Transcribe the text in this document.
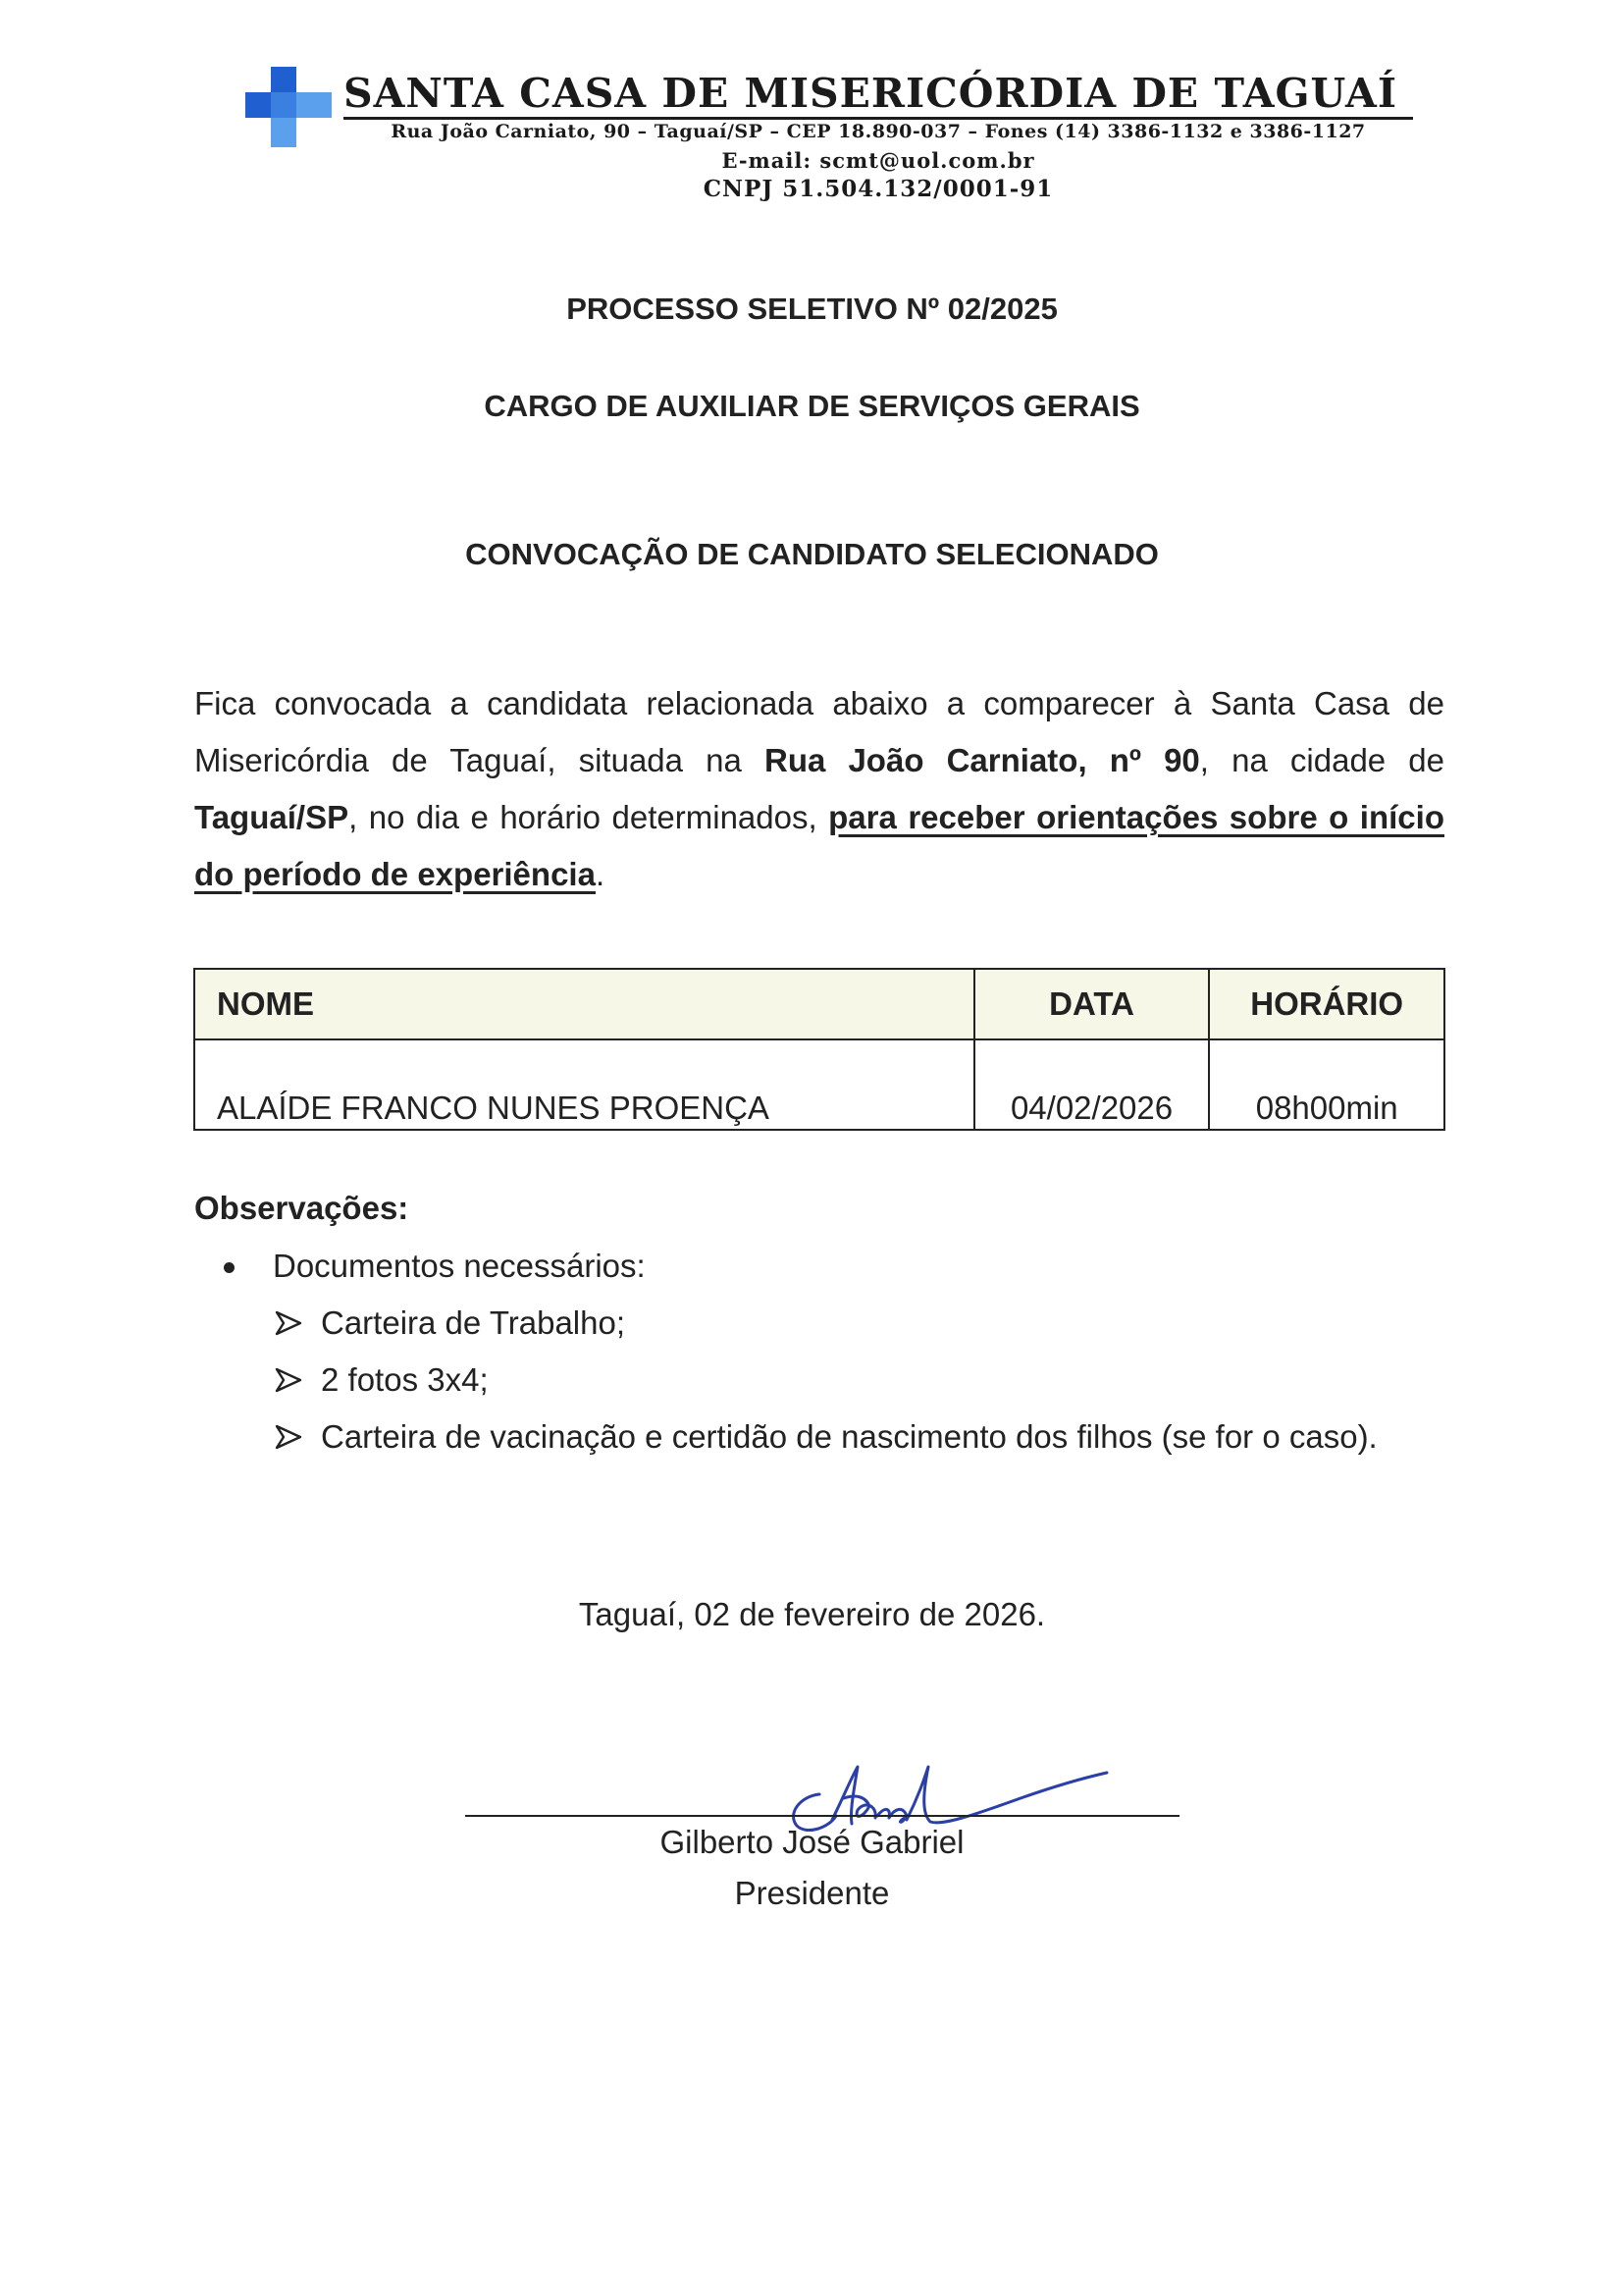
SANTA CASA DE MISERICÓRDIA DE TAGUAÍ
Rua João Carniato, 90 – Taguaí/SP – CEP 18.890-037 – Fones (14) 3386-1132 e 3386-1127
E-mail: scmt@uol.com.br
CNPJ 51.504.132/0001-91
PROCESSO SELETIVO Nº 02/2025
CARGO DE AUXILIAR DE SERVIÇOS GERAIS
CONVOCAÇÃO DE CANDIDATO SELECIONADO
Fica convocada a candidata relacionada abaixo a comparecer à Santa Casa de Misericórdia de Taguaí, situada na Rua João Carniato, nº 90, na cidade de Taguaí/SP, no dia e horário determinados, para receber orientações sobre o início do período de experiência.
NOME	DATA	HORÁRIO
ALAÍDE FRANCO NUNES PROENÇA	04/02/2026	08h00min
Observações:
Documentos necessários:
Carteira de Trabalho;
2 fotos 3x4;
Carteira de vacinação e certidão de nascimento dos filhos (se for o caso).
Taguaí, 02 de fevereiro de 2026.
Gilberto José Gabriel
Presidente
